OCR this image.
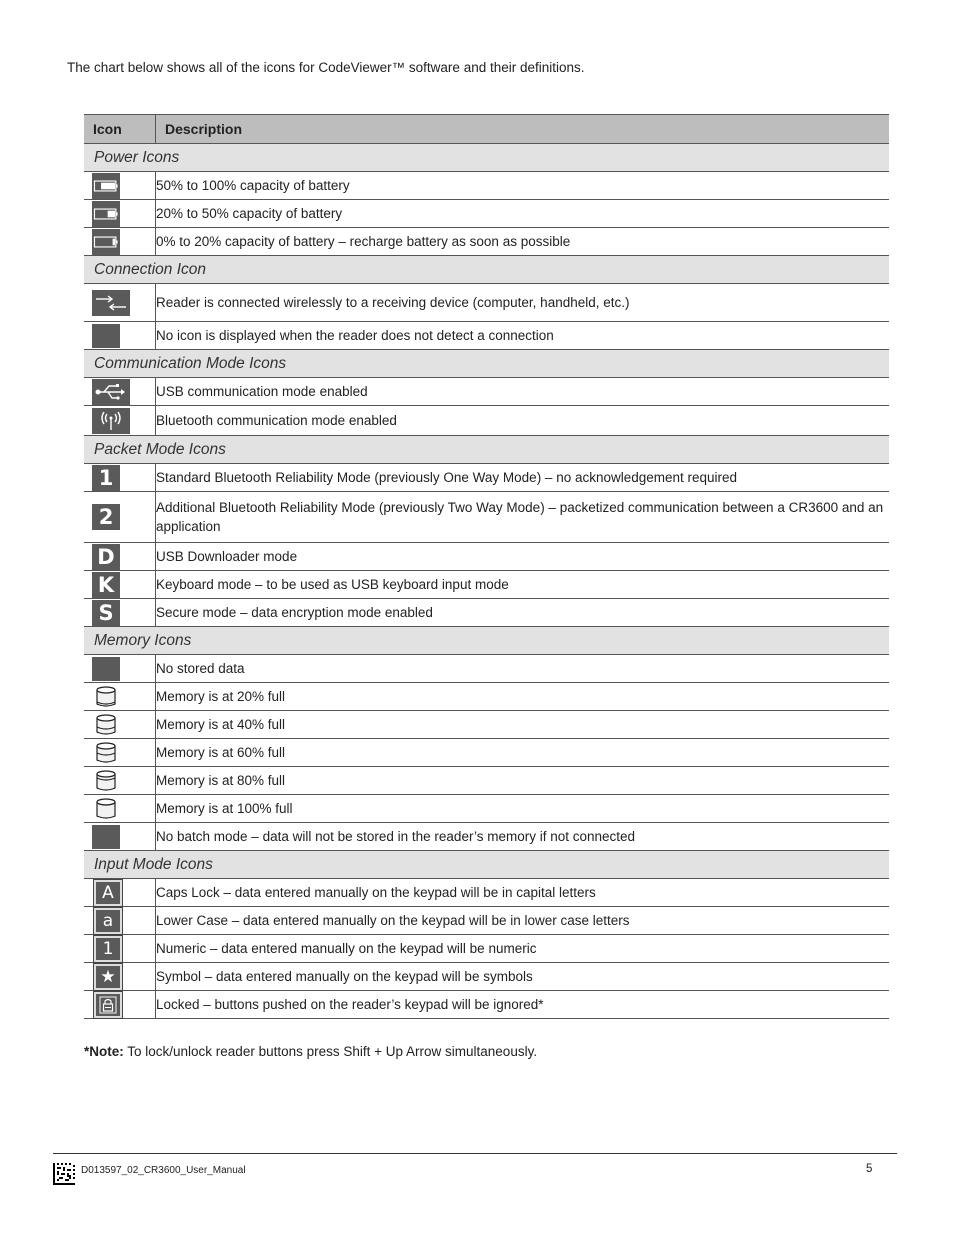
The chart below shows all of the icons for CodeViewer™ software and their definitions.
Icon	Description
Power Icons	

	50% to 100% capacity of battery

	20% to 50% capacity of battery

	0% to 20% capacity of battery – recharge battery as soon as possible
Connection Icon	

	Reader is connected wirelessly to a receiving device (computer, handheld, etc.)

	No icon is displayed when the reader does not detect a connection
Communication Mode Icons	

	USB communication mode enabled

	Bluetooth communication mode enabled
Packet Mode Icons	

1	Standard Bluetooth Reliability Mode (previously One Way Mode) – no acknowledgement required

2	Additional Bluetooth Reliability Mode (previously Two Way Mode) – packetized communication between a CR3600 and an application

D	USB Downloader mode

K	Keyboard mode – to be used as USB keyboard input mode

S	Secure mode – data encryption mode enabled
Memory Icons	

	No stored data

	Memory is at 20% full

	Memory is at 40% full

	Memory is at 60% full

	Memory is at 80% full

	Memory is at 100% full

	No batch mode – data will not be stored in the reader’s memory if not connected
Input Mode Icons	

A	Caps Lock – data entered manually on the keypad will be in capital letters

a	Lower Case – data entered manually on the keypad will be in lower case letters

1	Numeric – data entered manually on the keypad will be numeric

★	Symbol – data entered manually on the keypad will be symbols

	Locked – buttons pushed on the reader’s keypad will be ignored*
*Note: To lock/unlock reader buttons press Shift + Up Arrow simultaneously.
D013597_02_CR3600_User_Manual	5
